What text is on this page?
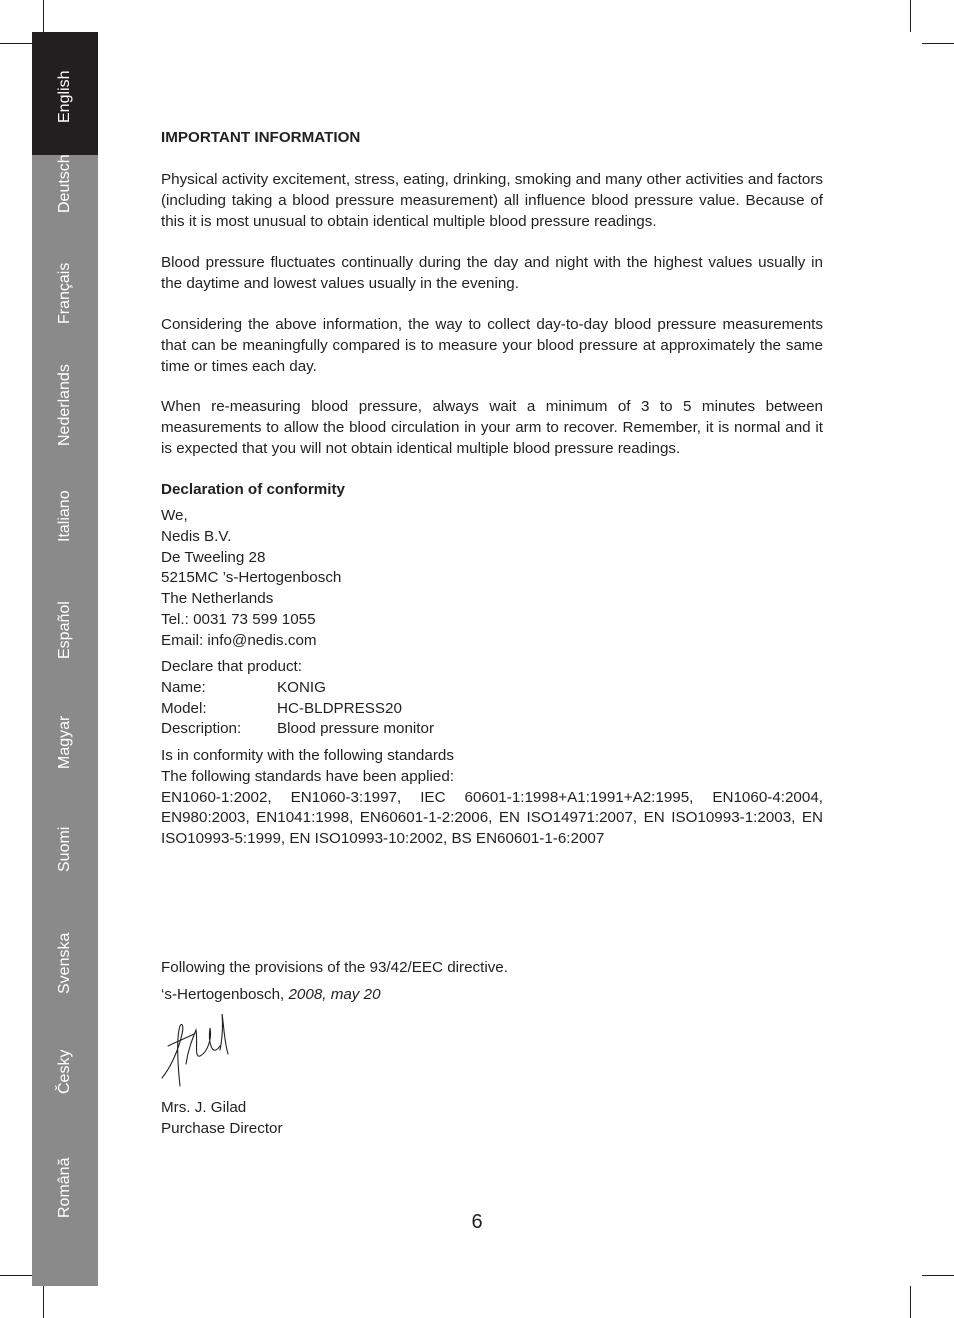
English
Deutsch
Français
Nederlands
Italiano
Español
Magyar
Suomi
Svenska
Česky
Română
IMPORTANT INFORMATION
Physical activity excitement, stress, eating, drinking, smoking and many other activities and factors (including taking a blood pressure measurement) all influence blood pressure value. Because of this it is most unusual to obtain identical multiple blood pressure readings.
Blood pressure fluctuates continually during the day and night with the highest values usually in the daytime and lowest values usually in the evening.
Considering the above information, the way to collect day-to-day blood pressure measurements that can be meaningfully compared is to measure your blood pressure at approximately the same time or times each day.
When re-measuring blood pressure, always wait a minimum of 3 to 5 minutes between measurements to allow the blood circulation in your arm to recover. Remember, it is normal and it is expected that you will not obtain identical multiple blood pressure readings.
Declaration of conformity
We,
Nedis B.V.
De Tweeling 28
5215MC ’s-Hertogenbosch
The Netherlands
Tel.: 0031 73 599 1055
Email: info@nedis.com
Declare that product:
Name:	KONIG
Model:	HC-BLDPRESS20
Description:	Blood pressure monitor
Is in conformity with the following standards
The following standards have been applied:
EN1060-1:2002, EN1060-3:1997, IEC 60601-1:1998+A1:1991+A2:1995, EN1060-4:2004, EN980:2003, EN1041:1998, EN60601-1-2:2006, EN ISO14971:2007, EN ISO10993-1:2003, EN ISO10993-5:1999, EN ISO10993-10:2002, BS EN60601-1-6:2007
Following the provisions of the 93/42/EEC directive.
‘s-Hertogenbosch, 2008, may 20
Mrs. J. Gilad
Purchase Director
6
